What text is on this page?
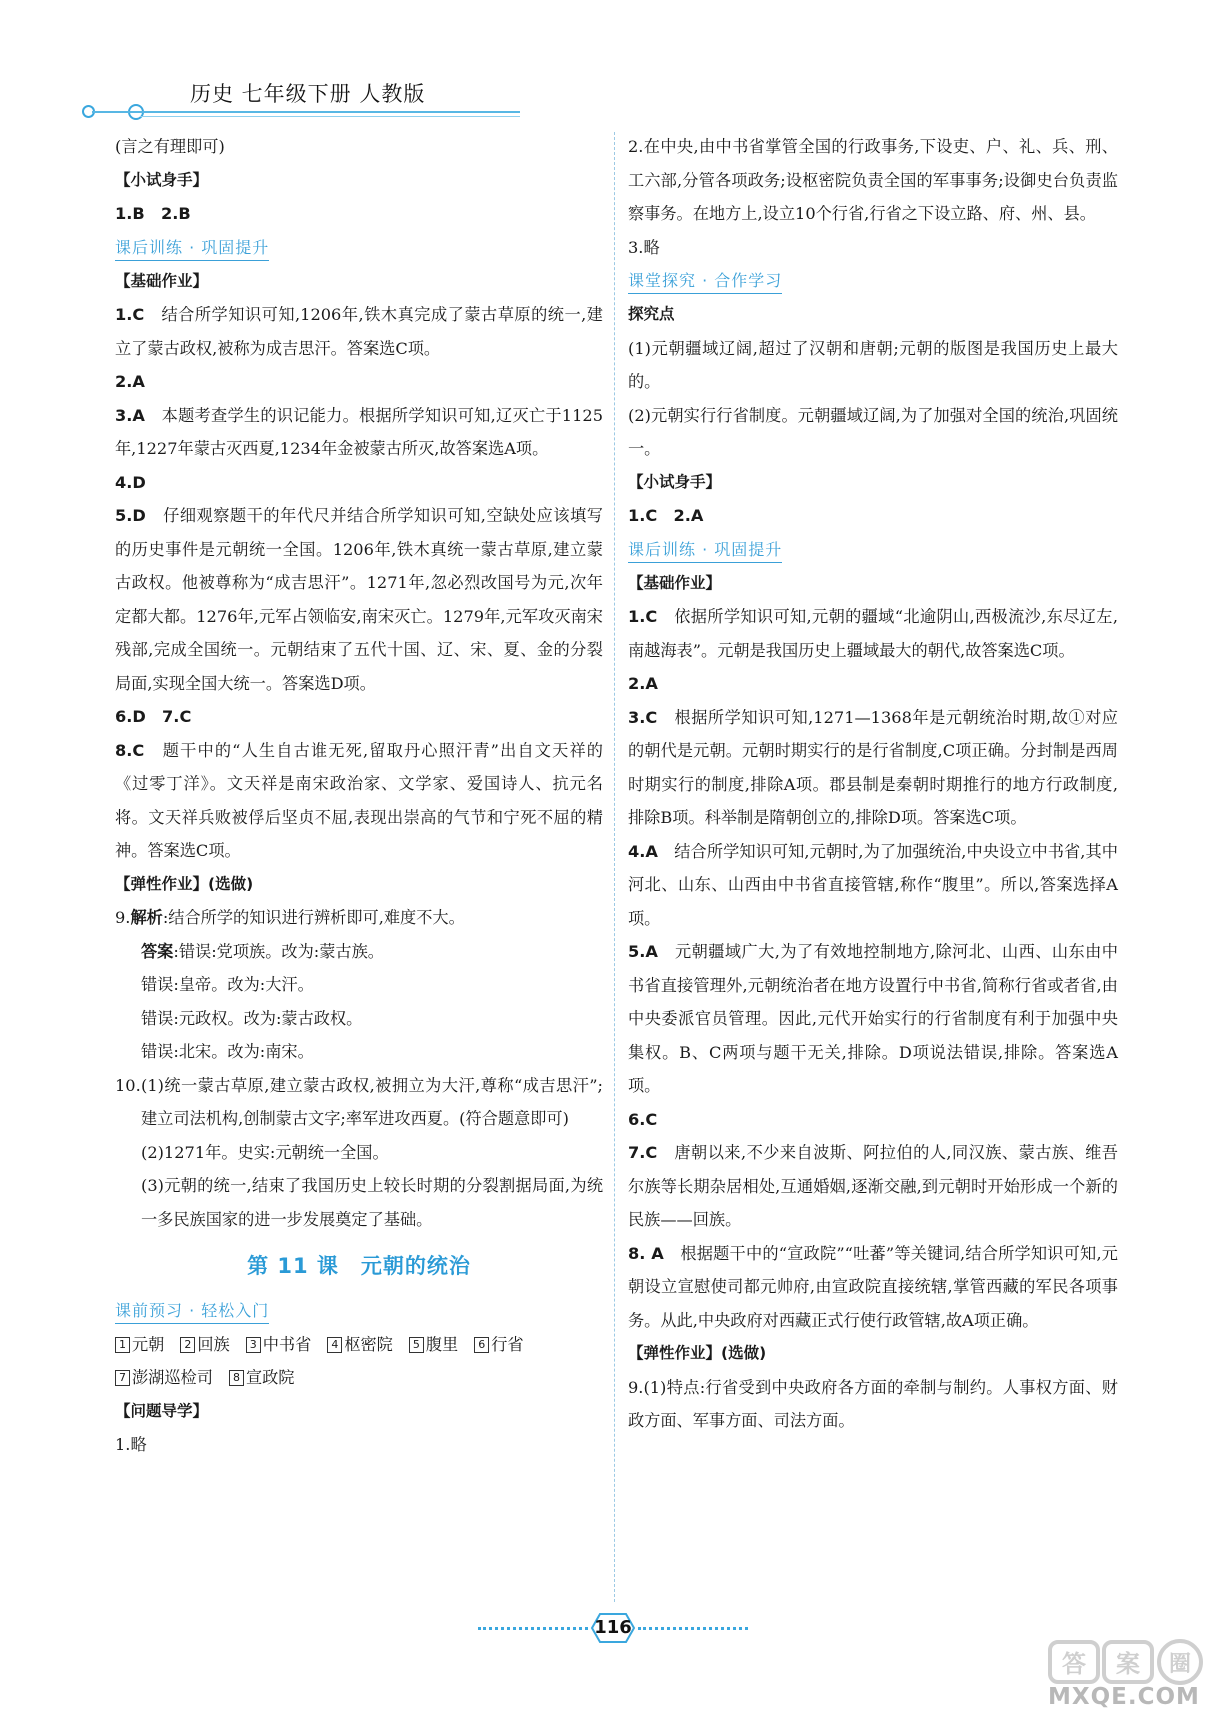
历史 七年级下册 人教版

(言之有理即可)

【小试身手】

1.B　2.B

课后训练 · 巩固提升

【基础作业】

1.C　结合所学知识可知,1206年,铁木真完成了蒙古草原的统一,建立了蒙古政权,被称为成吉思汗。答案选C项。

2.A

3.A　本题考查学生的识记能力。根据所学知识可知,辽灭亡于1125年,1227年蒙古灭西夏,1234年金被蒙古所灭,故答案选A项。

4.D

5.D　仔细观察题干的年代尺并结合所学知识可知,空缺处应该填写的历史事件是元朝统一全国。1206年,铁木真统一蒙古草原,建立蒙古政权。他被尊称为“成吉思汗”。1271年,忽必烈改国号为元,次年定都大都。1276年,元军占领临安,南宋灭亡。1279年,元军攻灭南宋残部,完成全国统一。元朝结束了五代十国、辽、宋、夏、金的分裂局面,实现全国大统一。答案选D项。

6.D　7.C

8.C　题干中的“人生自古谁无死,留取丹心照汗青”出自文天祥的《过零丁洋》。文天祥是南宋政治家、文学家、爱国诗人、抗元名将。文天祥兵败被俘后坚贞不屈,表现出崇高的气节和宁死不屈的精神。答案选C项。

【弹性作业】(选做)

9.解析:结合所学的知识进行辨析即可,难度不大。

答案:错误:党项族。改为:蒙古族。

错误:皇帝。改为:大汗。

错误:元政权。改为:蒙古政权。

错误:北宋。改为:南宋。

10. (1)统一蒙古草原,建立蒙古政权,被拥立为大汗,尊称“成吉思汗”;建立司法机构,创制蒙古文字;率军进攻西夏。(符合题意即可)

(2)1271年。史实:元朝统一全国。

(3)元朝的统一,结束了我国历史上较长时期的分裂割据局面,为统一多民族国家的进一步发展奠定了基础。

第 11 课　元朝的统治
课前预习 · 轻松入门

1 元朝 2 回族 3 中书省 4 枢密院 5 腹里 6 行省

7 澎湖巡检司 8 宣政院

【问题导学】

1.略

2.在中央,由中书省掌管全国的行政事务,下设吏、户、礼、兵、刑、工六部,分管各项政务;设枢密院负责全国的军事事务;设御史台负责监察事务。在地方上,设立10个行省,行省之下设立路、府、州、县。

3.略

课堂探究 · 合作学习

探究点

(1)元朝疆域辽阔,超过了汉朝和唐朝;元朝的版图是我国历史上最大的。

(2)元朝实行行省制度。元朝疆域辽阔,为了加强对全国的统治,巩固统一。

【小试身手】

1.C　2.A

课后训练 · 巩固提升

【基础作业】

1.C　依据所学知识可知,元朝的疆域“北逾阴山,西极流沙,东尽辽左,南越海表”。元朝是我国历史上疆域最大的朝代,故答案选C项。

2.A

3.C　根据所学知识可知,1271—1368年是元朝统治时期,故①对应的朝代是元朝。元朝时期实行的是行省制度,C项正确。分封制是西周时期实行的制度,排除A项。郡县制是秦朝时期推行的地方行政制度,排除B项。科举制是隋朝创立的,排除D项。答案选C项。

4.A　结合所学知识可知,元朝时,为了加强统治,中央设立中书省,其中河北、山东、山西由中书省直接管辖,称作“腹里”。所以,答案选择A项。

5.A　元朝疆域广大,为了有效地控制地方,除河北、山西、山东由中书省直接管理外,元朝统治者在地方设置行中书省,简称行省或者省,由中央委派官员管理。因此,元代开始实行的行省制度有利于加强中央集权。B、C两项与题干无关,排除。D项说法错误,排除。答案选A项。

6.C

7.C　唐朝以来,不少来自波斯、阿拉伯的人,同汉族、蒙古族、维吾尔族等长期杂居相处,互通婚姻,逐渐交融,到元朝时开始形成一个新的民族——回族。

8. A　根据题干中的“宣政院”“吐蕃”等关键词,结合所学知识可知,元朝设立宣慰使司都元帅府,由宣政院直接统辖,掌管西藏的军民各项事务。从此,中央政府对西藏正式行使行政管辖,故A项正确。

【弹性作业】(选做)

9.(1)特点:行省受到中央政府各方面的牵制与制约。人事权方面、财政方面、军事方面、司法方面。

116
答 案 圈
MXQE.COM
